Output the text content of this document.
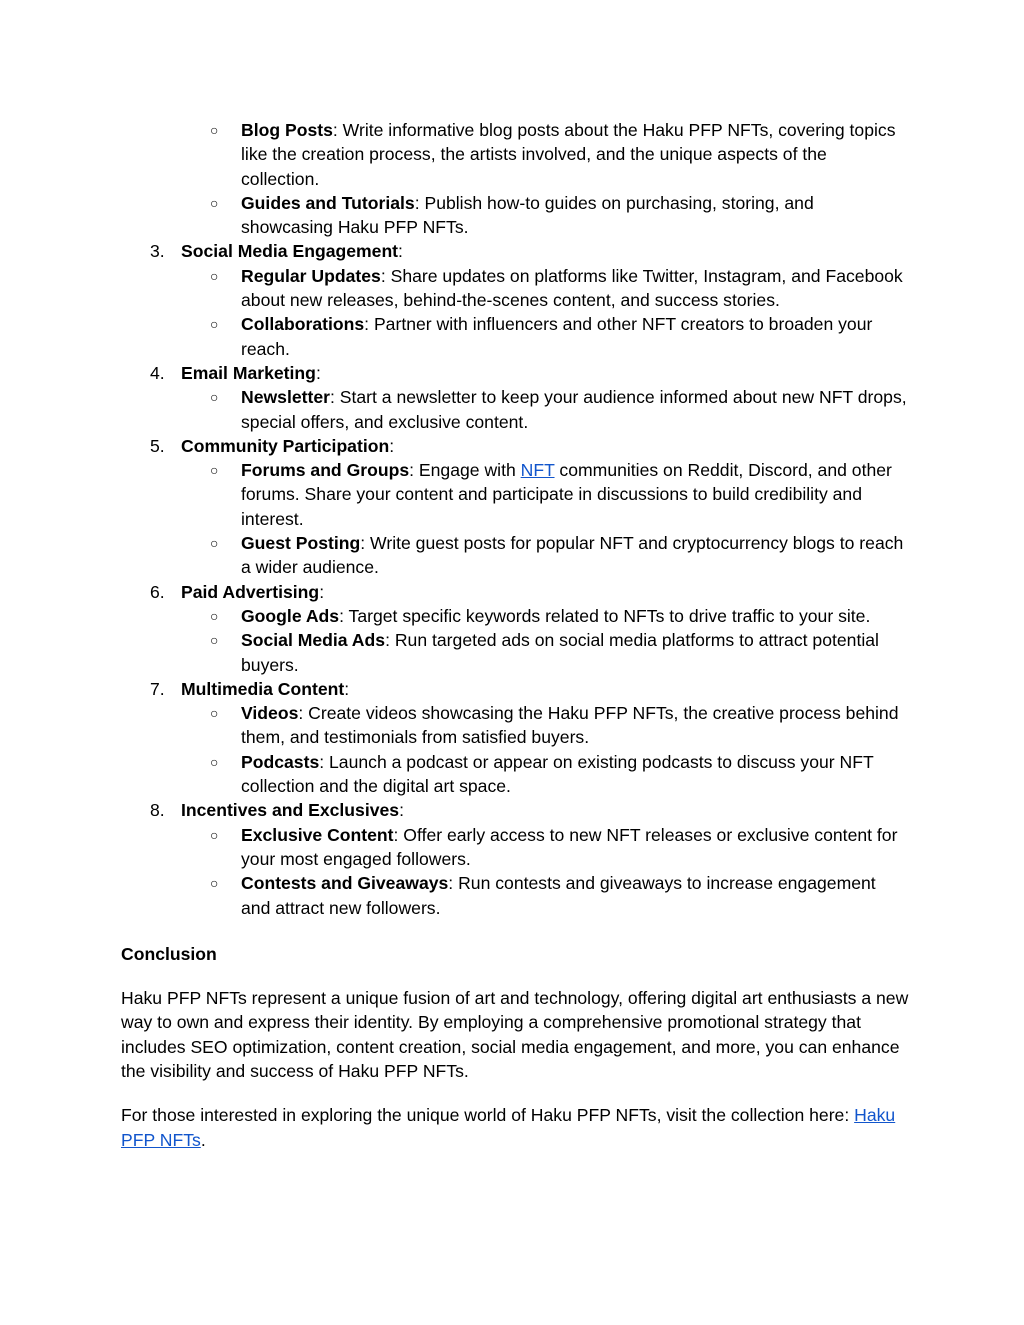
○ Blog Posts: Write informative blog posts about the Haku PFP NFTs, covering topics like the creation process, the artists involved, and the unique aspects of the collection.
○ Guides and Tutorials: Publish how-to guides on purchasing, storing, and showcasing Haku PFP NFTs.
3. Social Media Engagement:
○ Regular Updates: Share updates on platforms like Twitter, Instagram, and Facebook about new releases, behind-the-scenes content, and success stories.
○ Collaborations: Partner with influencers and other NFT creators to broaden your reach.
4. Email Marketing:
○ Newsletter: Start a newsletter to keep your audience informed about new NFT drops, special offers, and exclusive content.
5. Community Participation:
○ Forums and Groups: Engage with NFT communities on Reddit, Discord, and other forums. Share your content and participate in discussions to build credibility and interest.
○ Guest Posting: Write guest posts for popular NFT and cryptocurrency blogs to reach a wider audience.
6. Paid Advertising:
○ Google Ads: Target specific keywords related to NFTs to drive traffic to your site.
○ Social Media Ads: Run targeted ads on social media platforms to attract potential buyers.
7. Multimedia Content:
○ Videos: Create videos showcasing the Haku PFP NFTs, the creative process behind them, and testimonials from satisfied buyers.
○ Podcasts: Launch a podcast or appear on existing podcasts to discuss your NFT collection and the digital art space.
8. Incentives and Exclusives:
○ Exclusive Content: Offer early access to new NFT releases or exclusive content for your most engaged followers.
○ Contests and Giveaways: Run contests and giveaways to increase engagement and attract new followers.
Conclusion
Haku PFP NFTs represent a unique fusion of art and technology, offering digital art enthusiasts a new way to own and express their identity. By employing a comprehensive promotional strategy that includes SEO optimization, content creation, social media engagement, and more, you can enhance the visibility and success of Haku PFP NFTs.
For those interested in exploring the unique world of Haku PFP NFTs, visit the collection here: Haku PFP NFTs.
